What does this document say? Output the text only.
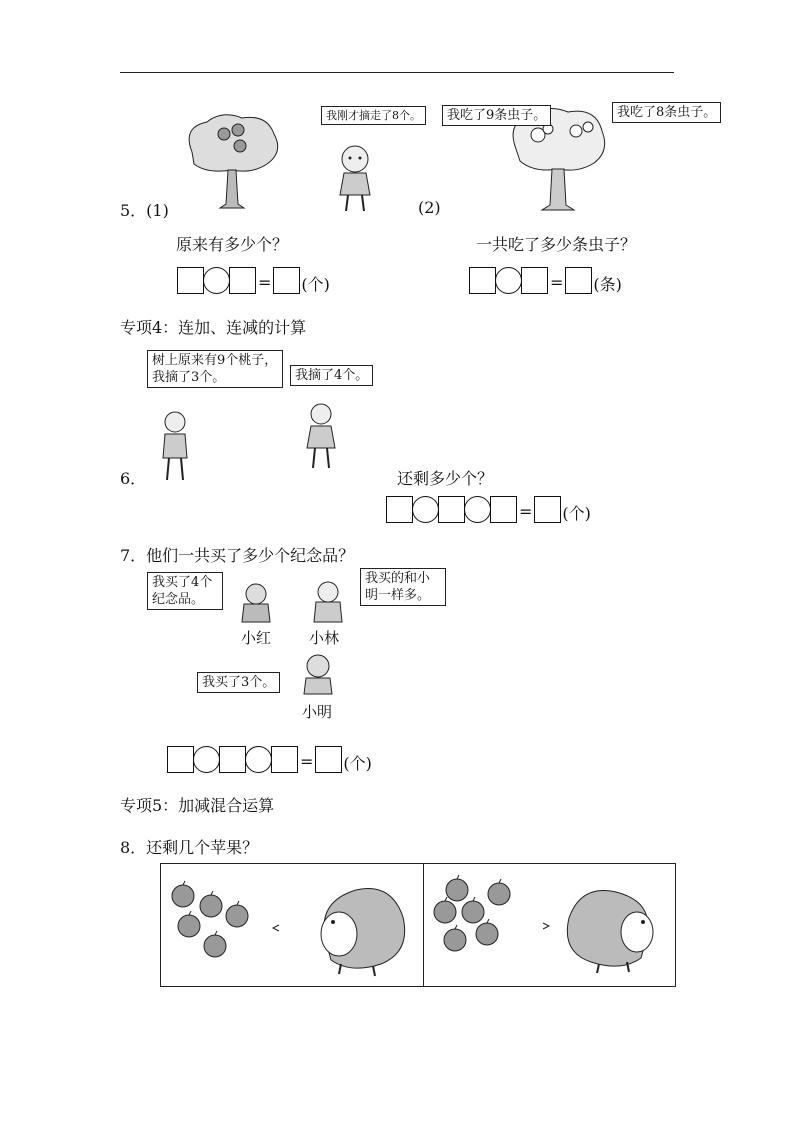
我刚才摘走了8个。	我吃了9条虫子。	我吃了8条虫子。
5．(1)	(2)
原来有多少个？	一共吃了多少条虫子？
= (个)	= (条)
专项4：连加、连减的计算
树上原来有9个桃子，我摘了3个。	我摘了4个。
6．	还剩多少个？
= (个)
7．他们一共买了多少个纪念品？
我买了4个纪念品。
我买的和小明一样多。
小红	小林
我买了3个。
小明
= (个)
专项5：加减混合运算
8．还剩几个苹果？
